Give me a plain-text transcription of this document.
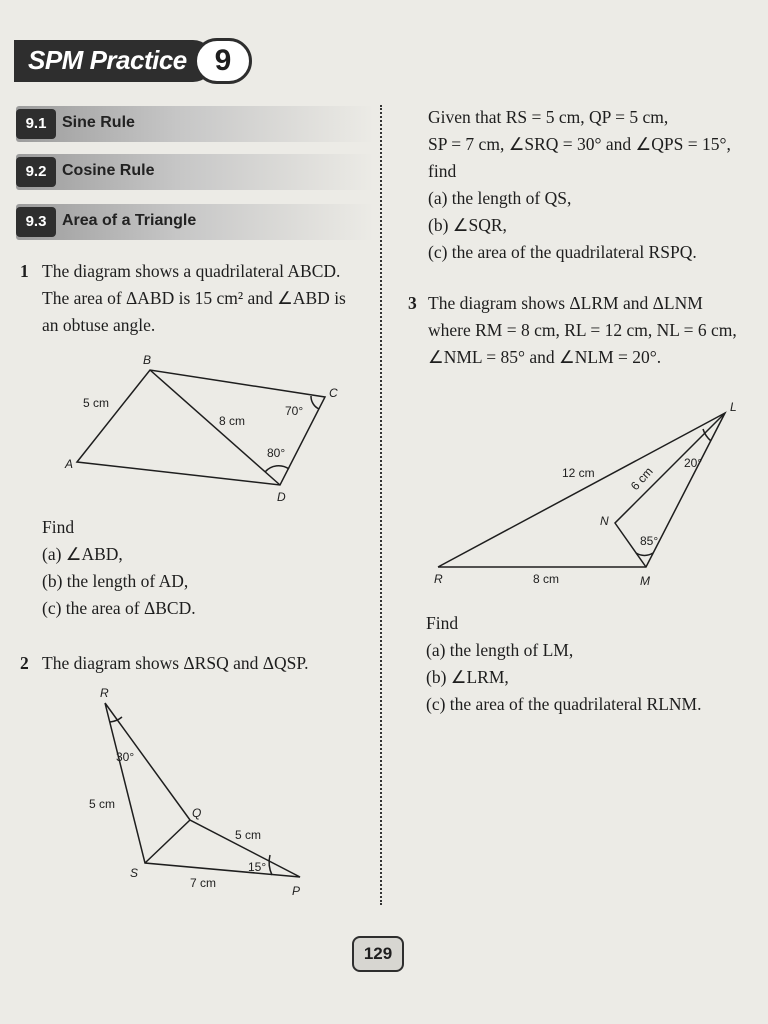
SPM Practice 9
9.1 Sine Rule
9.2 Cosine Rule
9.3 Area of a Triangle
1 The diagram shows a quadrilateral ABCD.
The area of ΔABD is 15 cm² and ∠ABD is
an obtuse angle.
A
B
C
D
5 cm
8 cm
70°
80°
Find
(a) ∠ABD,
(b) the length of AD,
(c) the area of ΔBCD.
2 The diagram shows ΔRSQ and ΔQSP.
R
S
Q
P
30°
5 cm
5 cm
15°
7 cm
Given that RS = 5 cm, QP = 5 cm,
SP = 7 cm, ∠SRQ = 30° and ∠QPS = 15°,
find
(a) the length of QS,
(b) ∠SQR,
(c) the area of the quadrilateral RSPQ.
3 The diagram shows ΔLRM and ΔLNM
where RM = 8 cm, RL = 12 cm, NL = 6 cm,
∠NML = 85° and ∠NLM = 20°.
L
N
R	M
12 cm	6 cm
20°
85°
8 cm
Find
(a) the length of LM,
(b) ∠LRM,
(c) the area of the quadrilateral RLNM.
129
